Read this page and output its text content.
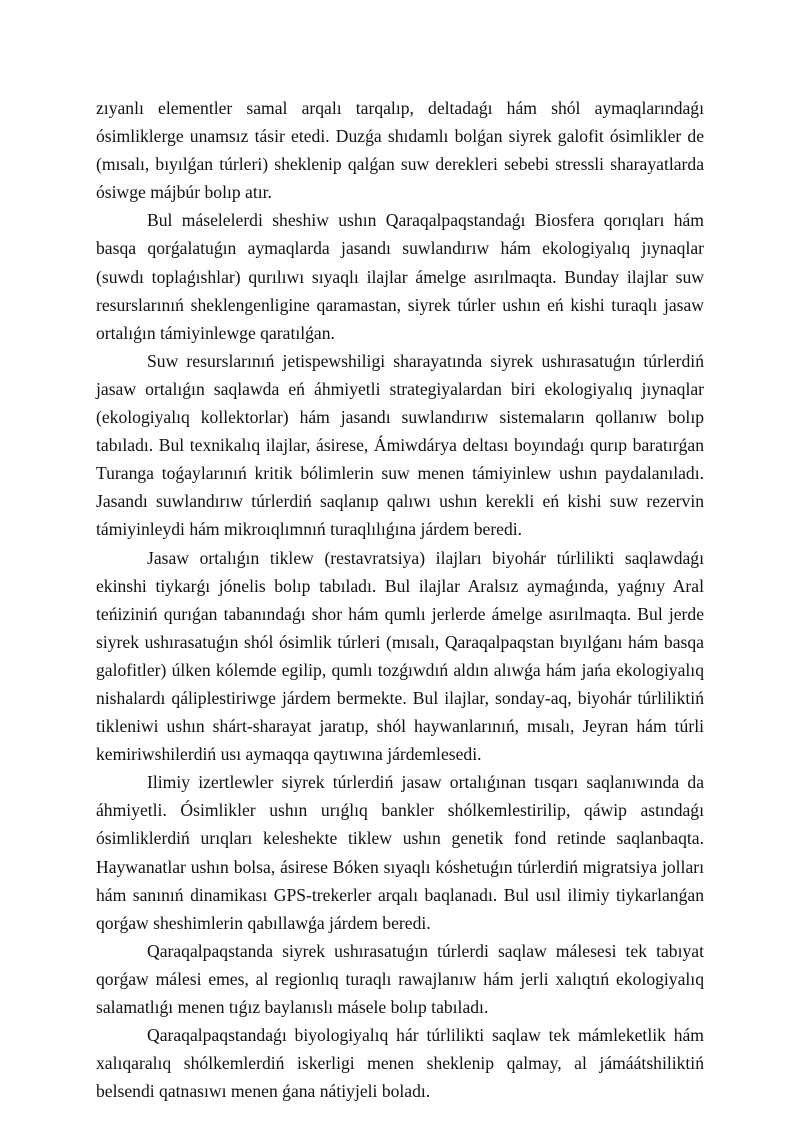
zıyanlı elementler samal arqalı tarqalıp, deltadaǵı hám shól aymaqlarındaǵı ósimliklerge unamsız tásir etedi. Duzǵa shıdamlı bolǵan siyrek galofit ósimlikler de (mısalı, bıyılǵan túrleri) sheklenip qalǵan suw derekleri sebebi stressli sharayatlarda ósiwge májbúr bolıp atır.

Bul máselelerdi sheshiw ushın Qaraqalpaqstandaǵı Biosfera qorıqları hám basqa qorǵalatuǵın aymaqlarda jasandı suwlandırıw hám ekologiyalıq jıynaqlar (suwdı toplaǵıshlar) qurılıwı sıyaqlı ilajlar ámelge asırılmaqta. Bunday ilajlar suw resurslarınıń sheklengenligine qaramastan, siyrek túrler ushın eń kishi turaqlı jasaw ortalıǵın támiyinlewge qaratılǵan.

Suw resurslarınıń jetispewshiligi sharayatında siyrek ushırasatuǵın túrlerdiń jasaw ortalıǵın saqlawda eń áhmiyetli strategiyalardan biri ekologiyalıq jıynaqlar (ekologiyalıq kollektorlar) hám jasandı suwlandırıw sistemaların qollanıw bolıp tabıladı. Bul texnikalıq ilajlar, ásirese, Ámiwdárya deltası boyındaǵı qurıp baratırǵan Turanga toǵaylarınıń kritik bólimlerin suw menen támiyinlew ushın paydalanıladı. Jasandı suwlandırıw túrlerdiń saqlanıp qalıwı ushın kerekli eń kishi suw rezervin támiyinleydi hám mikroıqlımnıń turaqlılıǵına járdem beredi.

Jasaw ortalıǵın tiklew (restavratsiya) ilajları biyohár túrlilikti saqlawdaǵı ekinshi tiykarǵı jónelis bolıp tabıladı. Bul ilajlar Aralsız aymaǵında, yaǵnıy Aral teńiziniń qurıǵan tabanındaǵı shor hám qumlı jerlerde ámelge asırılmaqta. Bul jerde siyrek ushırasatuǵın shól ósimlik túrleri (mısalı, Qaraqalpaqstan bıyılǵanı hám basqa galofitler) úlken kólemde egilip, qumlı tozǵıwdıń aldın alıwǵa hám jańa ekologiyalıq nishalardı qáliplestiriwge járdem bermekte. Bul ilajlar, sonday-aq, biyohár túrliliktiń tikleniwi ushın shárt-sharayat jaratıp, shól haywanlarınıń, mısalı, Jeyran hám túrli kemiriwshilerdiń usı aymaqqa qaytıwına járdemlesedi.

Ilimiy izertlewler siyrek túrlerdiń jasaw ortalıǵınan tısqarı saqlanıwında da áhmiyetli. Ósimlikler ushın urıǵlıq bankler shólkemlestirilip, qáwip astındaǵı ósimliklerdiń urıqları keleshekte tiklew ushın genetik fond retinde saqlanbaqta. Haywanatlar ushın bolsa, ásirese Bóken sıyaqlı kóshetuǵın túrlerdiń migratsiya jolları hám sanınıń dinamikası GPS-trekerler arqalı baqlanadı. Bul usıl ilimiy tiykarlanǵan qorǵaw sheshimlerin qabıllawǵa járdem beredi.

Qaraqalpaqstanda siyrek ushırasatuǵın túrlerdi saqlaw málesesi tek tabıyat qorǵaw málesi emes, al regionlıq turaqlı rawajlanıw hám jerli xalıqtıń ekologiyalıq salamatlıǵı menen tıǵız baylanıslı másele bolıp tabıladı.

Qaraqalpaqstandaǵı biyologiyalıq hár túrlilikti saqlaw tek mámleketlik hám xalıqaralıq shólkemlerdiń iskerligi menen sheklenip qalmay, al jámáátshiliktiń belsendi qatnasıwı menen ǵana nátiyjeli boladı.
